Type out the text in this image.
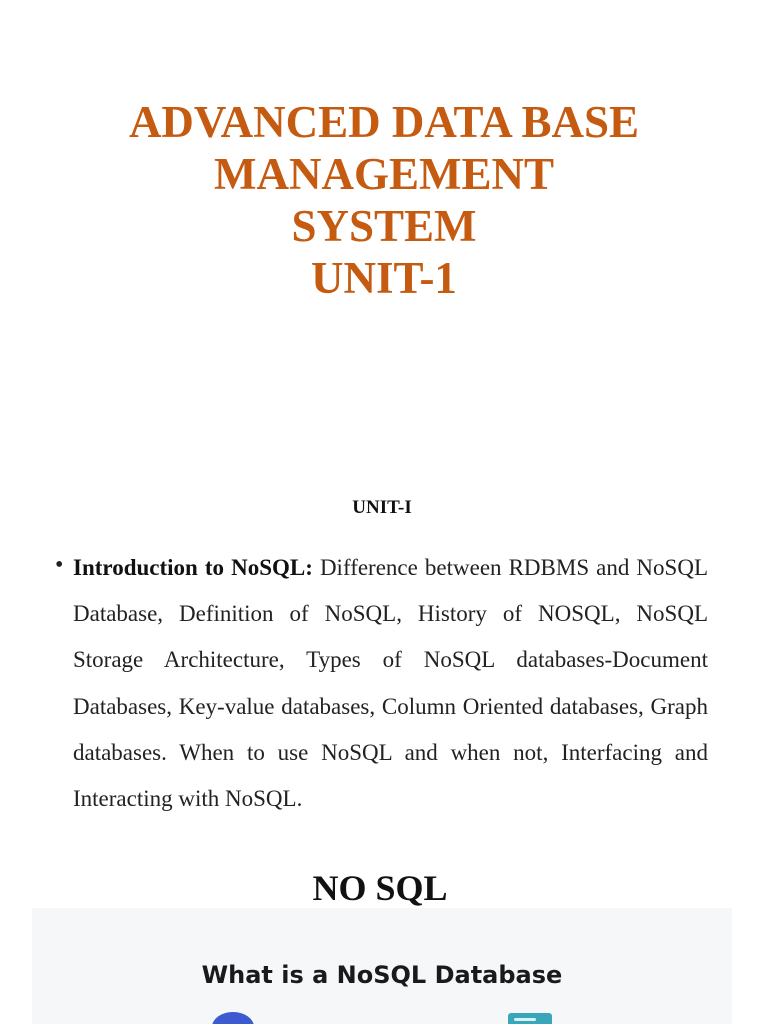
ADVANCED DATA BASE
MANAGEMENT
SYSTEM
UNIT-1
UNIT-I
• Introduction to NoSQL: Difference between RDBMS and NoSQL Database, Definition of NoSQL, History of NOSQL, NoSQL Storage Architecture, Types of NoSQL databases-Document Databases, Key-value databases, Column Oriented databases, Graph databases. When to use NoSQL and when not, Interfacing and Interacting with NoSQL.
NO SQL
What is a NoSQL Database
